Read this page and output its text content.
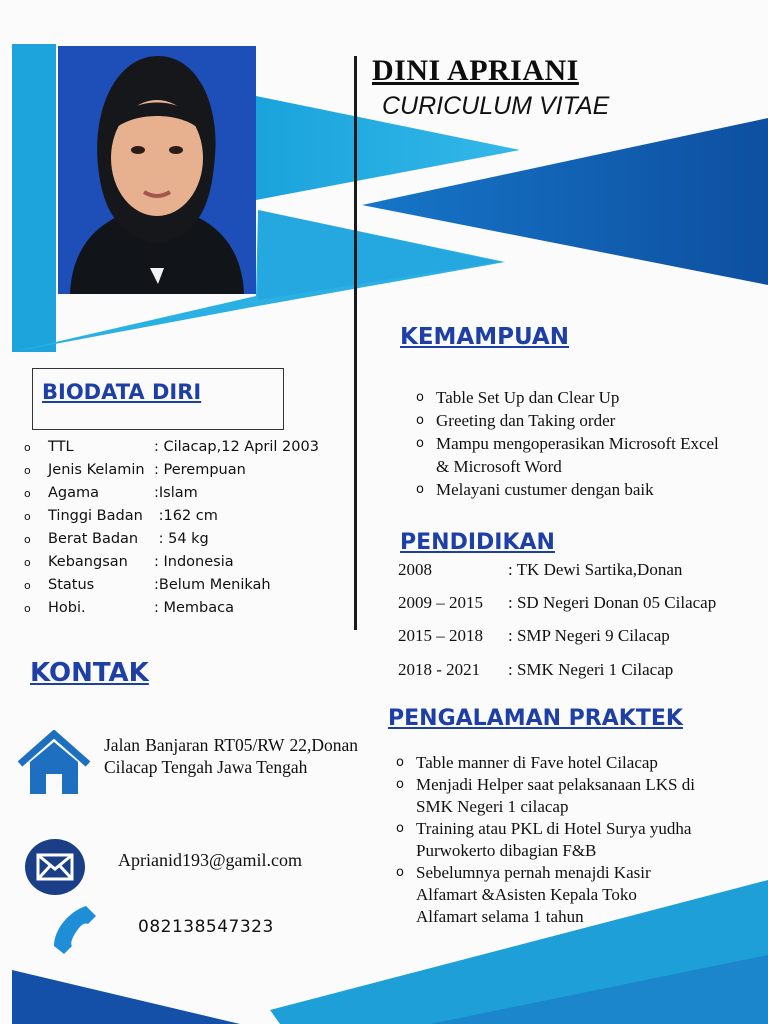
DINI APRIANI
CURICULUM VITAE
BIODATA DIRI
o TTL	: Cilacap,12 April 2003
o Jenis Kelamin : Perempuan
o Agama	:Islam
o Tinggi Badan :162 cm
o Berat Badan : 54 kg
o Kebangsan : Indonesia
o Status	:Belum Menikah
o Hobi.	: Membaca
KONTAK
Jalan Banjaran RT05/RW 22,Donan Cilacap Tengah Jawa Tengah
Aprianid193@gamil.com
082138547323
KEMAMPUAN
o Table Set Up dan Clear Up
o Greeting dan Taking order
o Mampu mengoperasikan Microsoft Excel
& Microsoft Word
o Melayani custumer dengan baik
PENDIDIKAN
2008	: TK Dewi Sartika,Donan
2009 – 2015 : SD Negeri Donan 05 Cilacap
2015 – 2018 : SMP Negeri 9 Cilacap
2018 - 2021 : SMK Negeri 1 Cilacap
PENGALAMAN PRAKTEK
o Table manner di Fave hotel Cilacap
o Menjadi Helper saat pelaksanaan LKS di
SMK Negeri 1 cilacap
o Training atau PKL di Hotel Surya yudha
Purwokerto dibagian F&B
o Sebelumnya pernah menajdi Kasir
Alfamart &Asisten Kepala Toko
Alfamart selama 1 tahun
